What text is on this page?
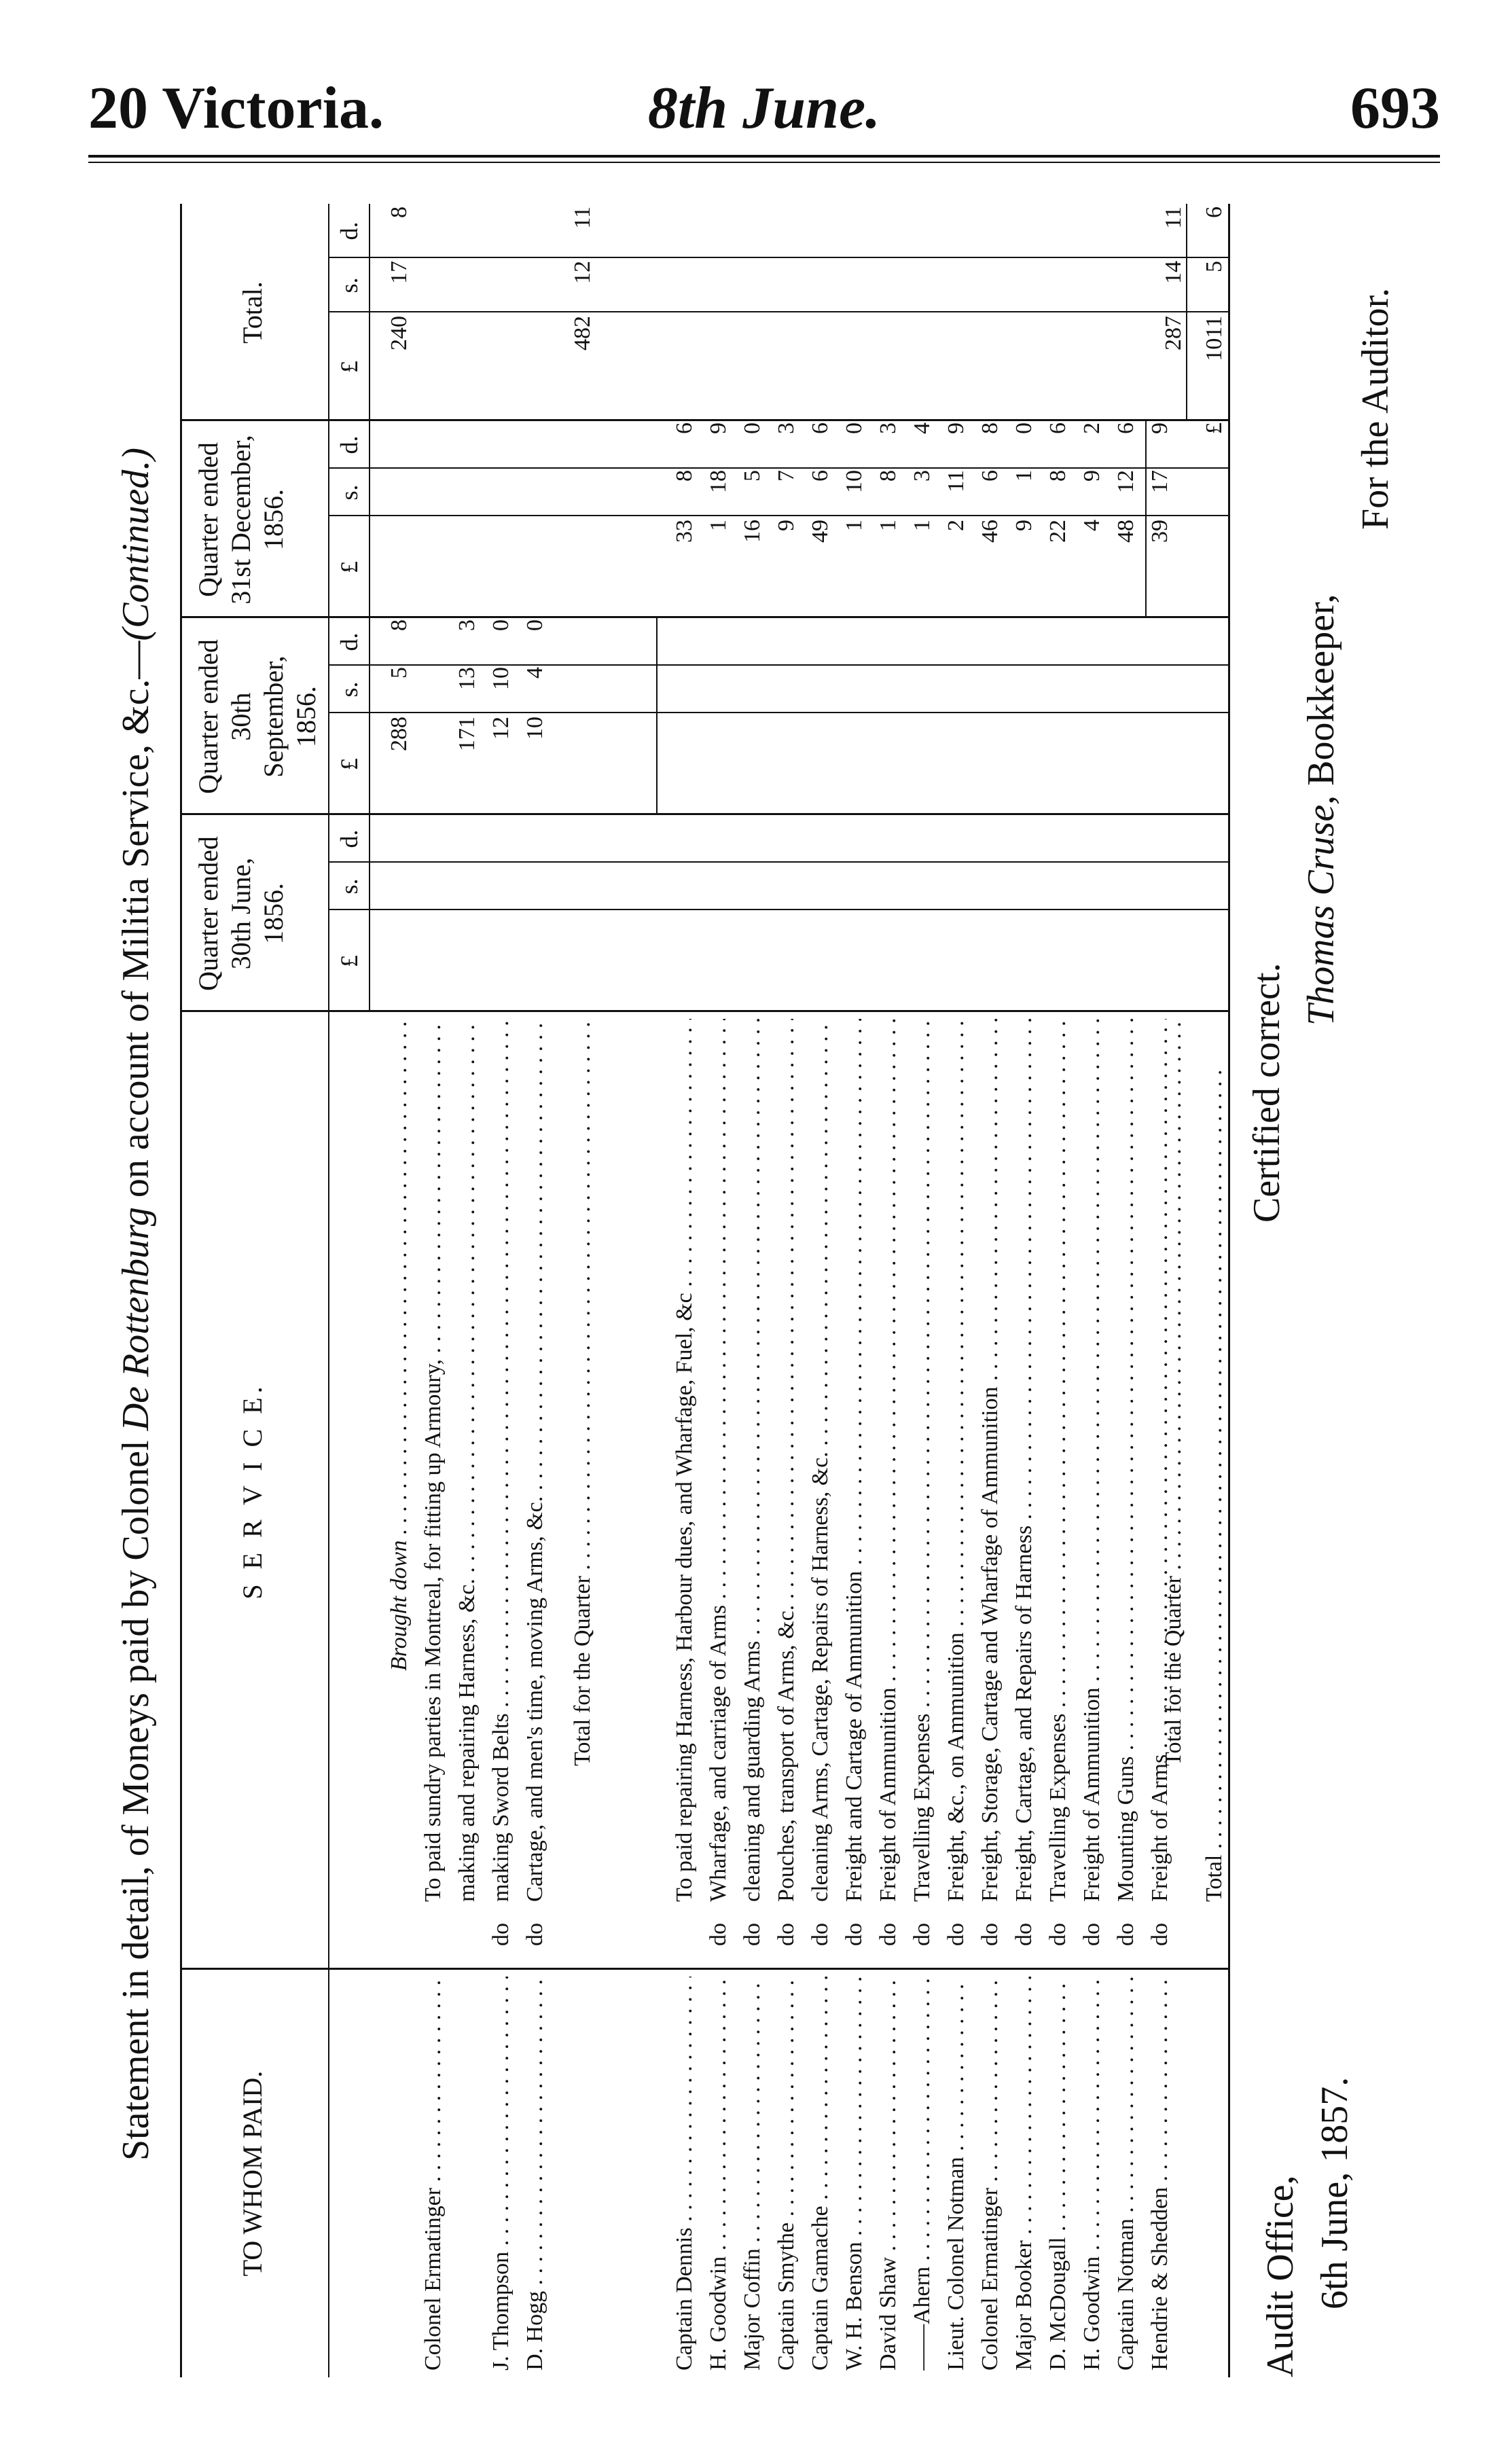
20 Victoria.	8th June.	693
Statement in detail, of Moneys paid by Colonel De Rottenburg on account of Militia Service, &c.—(Continued.)
TO WHOM PAID.
S E R V I C E.
Quarter ended 30th June, 1856.
Quarter ended 30th September, 1856.
Quarter ended 31st December, 1856.
Total.
£
s.
d.
£
s.
d.
£
s.
d.
£
s.
d.
Brought down . . .
288
5
8
240
17
8
Colonel Ermatinger . . .
To paid sundry parties in Montreal, for fitting up Armoury, . . . making and repairing Harness, &c. . . .
171
13
3
J. Thompson . . .
do
making Sword Belts . . .
12
10
0
D. Hogg . . .
do
Cartage, and men's time, moving Arms, &c. . . .
10
4
0
Total for the Quarter . . .
482
12
11
Captain Dennis . . .
To paid repairing Harness, Harbour dues, and Wharfage, Fuel, &c . . .
33
8
6
H. Goodwin . . .
do
Wharfage, and carriage of Arms . . .
1
18
9
Major Coffin . . .
do
cleaning and guarding Arms . . .
16
5
0
Captain Smythe . . .
do
Pouches, transport of Arms, &c. . . .
9
7
3
Captain Gamache . . .
do
cleaning Arms, Cartage, Repairs of Harness, &c. . . .
49
6
6
W. H. Benson . . .
do
Freight and Cartage of Ammunition . . .
1
10
0
David Shaw . . .
do
Freight of Ammunition . . .
1
8
3
——Ahern . . .
do
Travelling Expenses . . .
1
3
4
Lieut. Colonel Notman . . .
do
Freight, &c., on Ammunition . . .
2
11
9
Colonel Ermatinger . . .
do
Freight, Storage, Cartage and Wharfage of Ammunition . . .
46
6
8
Major Booker . . .
do
Freight, Cartage, and Repairs of Harness . . .
9
1
0
D. McDougall . . .
do
Travelling Expenses . . .
22
8
6
H. Goodwin . . .
do
Freight of Ammunition . . .
4
9
2
Captain Notman . . .
do
Mounting Guns . . .
48
12
6
Hendrie & Shedden . . .
do
Freight of Arms . . .
39
17
9
Total for the Quarter . . .
287
14
11
Total . . .
£
1011
5
6
Audit Office, 6th June, 1857.
Certified correct.
Thomas Cruse, Bookkeeper,
For the Auditor.
